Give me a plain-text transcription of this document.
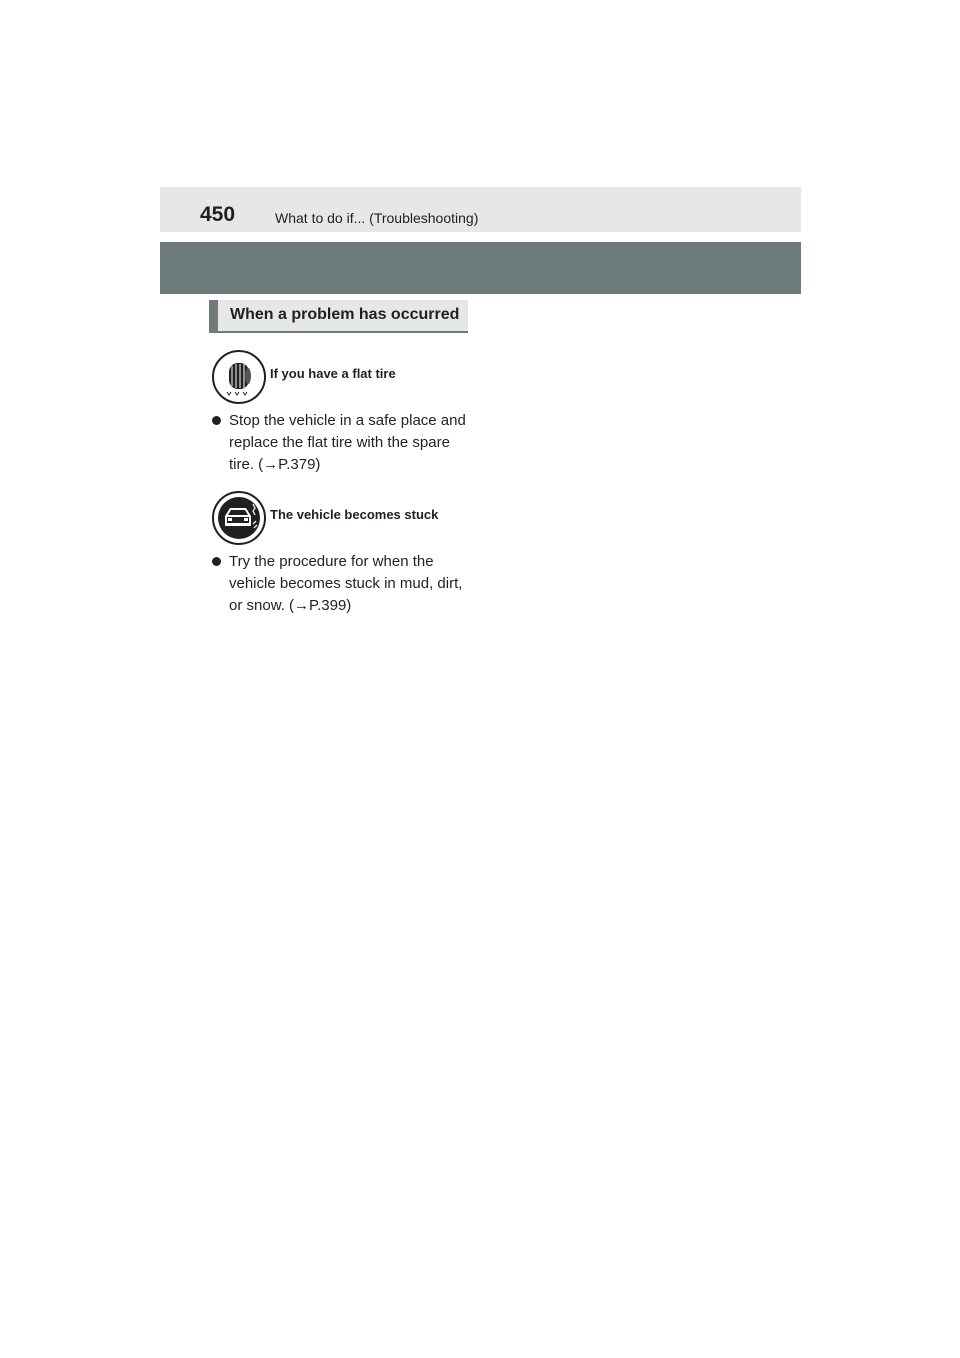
450	What to do if... (Troubleshooting)
When a problem has occurred
If you have a flat tire
Stop the vehicle in a safe place and
replace the flat tire with the spare
tire. (→P.379)
The vehicle becomes stuck
Try the procedure for when the
vehicle becomes stuck in mud, dirt,
or snow. (→P.399)
